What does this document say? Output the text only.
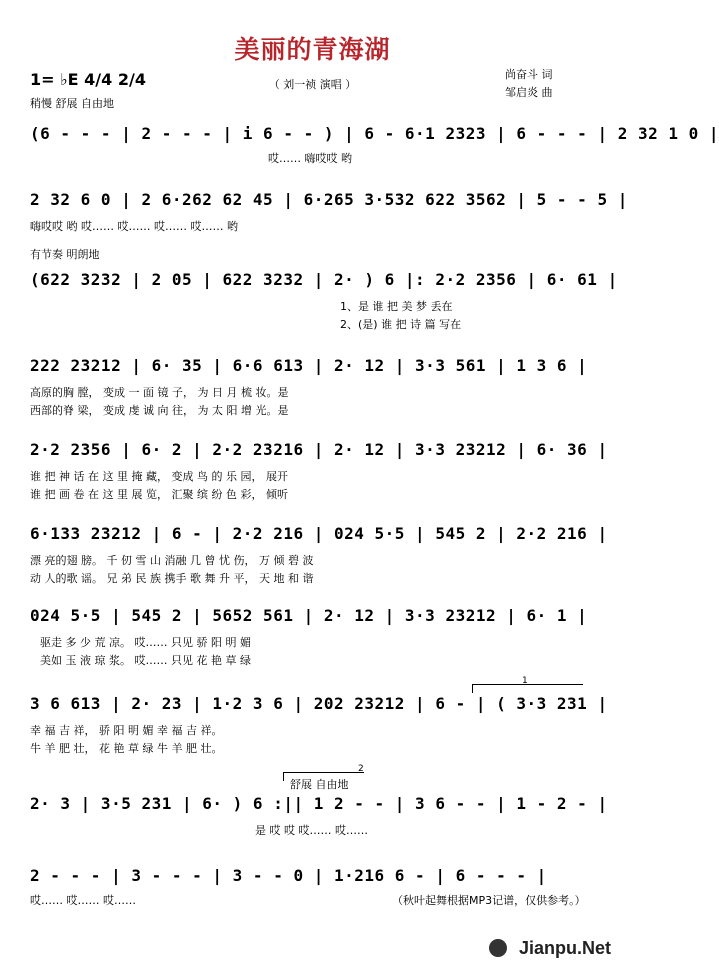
美丽的青海湖
1= ♭E 4/4 2/4
稍慢 舒展 自由地
（ 刘一祯 演唱 ）
尚奋斗 词
邹启炎 曲
(6 - - - | 2 - - - | i 6 - - ) | 6 - 6·1 2323 | 6 - - - | 2 32 1 0 |
哎…… 嗨哎哎 哟
2 32 6 0 | 2 6·262 62 45 | 6·265 3·532 622 3562 | 5 - - 5 |
嗨哎哎 哟 哎…… 哎…… 哎…… 哎…… 哟
有节奏 明朗地
(622 3232 | 2 05 | 622 3232 | 2· ) 6 |: 2·2 2356 | 6· 61 |
1、是 谁 把 美 梦 丢在
2、(是) 谁 把 诗 篇 写在
222 23212 | 6· 35 | 6·6 613 | 2· 12 | 3·3 561 | 1 3 6 |
高原的胸 膛， 变成 一 面 镜 子， 为 日 月 梳 妆。是
西部的脊 梁， 变成 虔 诚 向 往， 为 太 阳 增 光。是
2·2 2356 | 6· 2 | 2·2 23216 | 2· 12 | 3·3 23212 | 6· 36 |
谁 把 神 话 在 这 里 掩 藏， 变成 鸟 的 乐 园， 展开
谁 把 画 卷 在 这 里 展 览， 汇聚 缤 纷 色 彩， 倾听
6·133 23212 | 6 - | 2·2 216 | 024 5·5 | 545 2 | 2·2 216 |
漂 亮的翅 膀。 千 仞 雪 山 消融 几 曾 忧 伤， 万 倾 碧 波
动 人的歌 谣。 兄 弟 民 族 携手 歌 舞 升 平， 天 地 和 谐
024 5·5 | 545 2 | 5652 561 | 2· 12 | 3·3 23212 | 6· 1 |
驱走 多 少 荒 凉。 哎…… 只见 骄 阳 明 媚
美如 玉 液 琼 浆。 哎…… 只见 花 艳 草 绿
1
3 6 613 | 2· 23 | 1·2 3 6 | 202 23212 | 6 - | ( 3·3 231 |
幸 福 吉 祥， 骄 阳 明 媚 幸 福 吉 祥。
牛 羊 肥 壮， 花 艳 草 绿 牛 羊 肥 壮。
2
舒展 自由地
2· 3 | 3·5 231 | 6· ) 6 :|| 1 2 - - | 3 6 - - | 1 - 2 - |
是 哎 哎 哎…… 哎……
2 - - - | 3 - - - | 3 - - 0 | 1·216 6 - | 6 - - - |
哎…… 哎…… 哎……	（秋叶起舞根据MP3记谱，仅供参考。）
Jianpu.Net
